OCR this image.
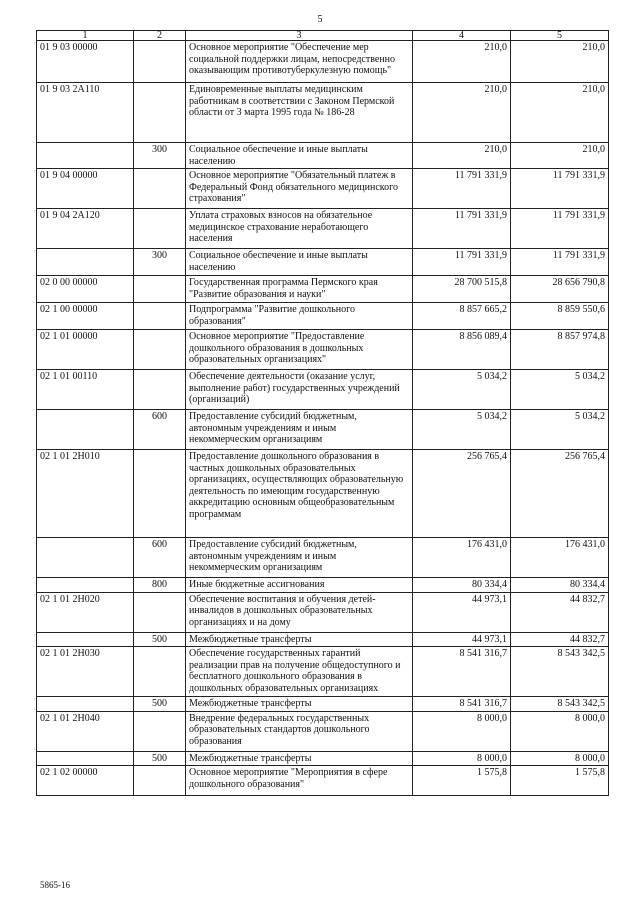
5
1	2	3	4	5
01 9 03 00000		Основное мероприятие "Обеспечение мер социальной поддержки лицам, непосредственно оказывающим противотуберкулезную помощь"	210,0	210,0
01 9 03 2А110		Единовременные выплаты медицинским работникам в соответствии с Законом Пермской области от 3 марта 1995 года № 186-28	210,0	210,0
	300	Социальное обеспечение и иные выплаты населению	210,0	210,0
01 9 04 00000		Основное мероприятие "Обязательный платеж в Федеральный Фонд обязательного медицинского страхования"	11 791 331,9	11 791 331,9
01 9 04 2А120		Уплата страховых взносов на обязательное медицинское страхование неработающего населения	11 791 331,9	11 791 331,9
	300	Социальное обеспечение и иные выплаты населению	11 791 331,9	11 791 331,9
02 0 00 00000		Государственная программа Пермского края "Развитие образования и науки"	28 700 515,8	28 656 790,8
02 1 00 00000		Подпрограмма "Развитие дошкольного образования"	8 857 665,2	8 859 550,6
02 1 01 00000		Основное мероприятие "Предоставление дошкольного образования в дошкольных образовательных организациях"	8 856 089,4	8 857 974,8
02 1 01 00110		Обеспечение деятельности (оказание услуг, выполнение работ) государственных учреждений (организаций)	5 034,2	5 034,2
	600	Предоставление субсидий бюджетным, автономным учреждениям и иным некоммерческим организациям	5 034,2	5 034,2
02 1 01 2Н010		Предоставление дошкольного образования в частных дошкольных образовательных организациях, осуществляющих образовательную деятельность по имеющим государственную аккредитацию основным общеобразовательным программам	256 765,4	256 765,4
	600	Предоставление субсидий бюджетным, автономным учреждениям и иным некоммерческим организациям	176 431,0	176 431,0
	800	Иные бюджетные ассигнования	80 334,4	80 334,4
02 1 01 2Н020		Обеспечение воспитания и обучения детей-инвалидов в дошкольных образовательных организациях и на дому	44 973,1	44 832,7
	500	Межбюджетные трансферты	44 973,1	44 832,7
02 1 01 2Н030		Обеспечение государственных гарантий реализации прав на получение общедоступного и бесплатного дошкольного образования в дошкольных образовательных организациях	8 541 316,7	8 543 342,5
	500	Межбюджетные трансферты	8 541 316,7	8 543 342,5
02 1 01 2Н040		Внедрение федеральных государственных образовательных стандартов дошкольного образования	8 000,0	8 000,0
	500	Межбюджетные трансферты	8 000,0	8 000,0
02 1 02 00000		Основное мероприятие "Мероприятия в сфере дошкольного образования"	1 575,8	1 575,8
5865-16
